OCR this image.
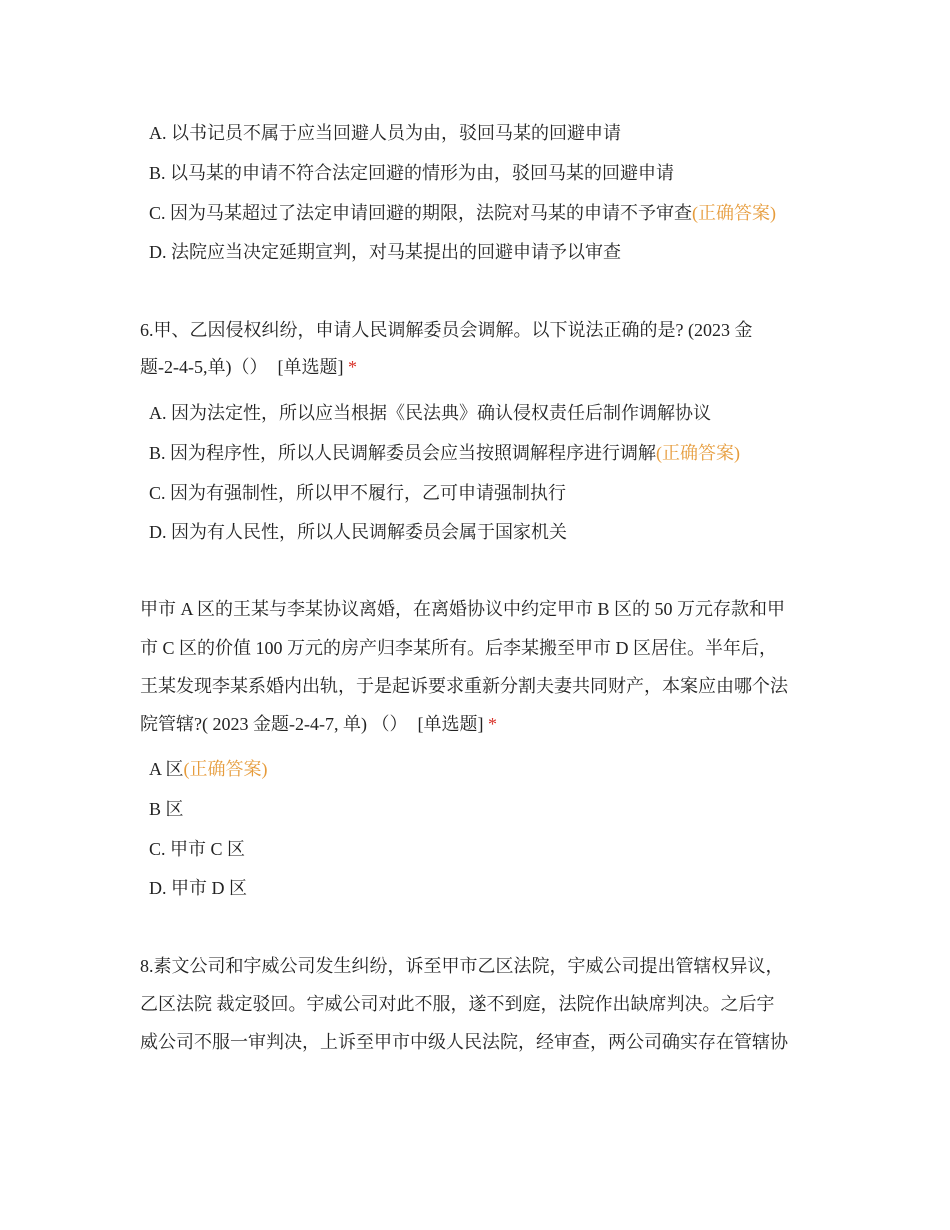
A. 以书记员不属于应当回避人员为由，驳回马某的回避申请
B. 以马某的申请不符合法定回避的情形为由，驳回马某的回避申请
C. 因为马某超过了法定申请回避的期限，法院对马某的申请不予审查(正确答案)
D. 法院应当决定延期宣判，对马某提出的回避申请予以审查
6.甲、乙因侵权纠纷，申请人民调解委员会调解。以下说法正确的是? (2023 金
题-2-4-5,单)（） [单选题] *
A. 因为法定性，所以应当根据《民法典》确认侵权责任后制作调解协议
B. 因为程序性，所以人民调解委员会应当按照调解程序进行调解(正确答案)
C. 因为有强制性，所以甲不履行，乙可申请强制执行
D. 因为有人民性，所以人民调解委员会属于国家机关
甲市 A 区的王某与李某协议离婚，在离婚协议中约定甲市 B 区的 50 万元存款和甲
市 C 区的价值 100 万元的房产归李某所有。后李某搬至甲市 D 区居住。半年后，
王某发现李某系婚内出轨，于是起诉要求重新分割夫妻共同财产，本案应由哪个法
院管辖?( 2023 金题-2-4-7, 单) （） [单选题] *
A 区(正确答案)
B 区
C. 甲市 C 区
D. 甲市 D 区
8.素文公司和宇威公司发生纠纷，诉至甲市乙区法院，宇威公司提出管辖权异议，
乙区法院 裁定驳回。宇威公司对此不服，遂不到庭，法院作出缺席判决。之后宇
威公司不服一审判决，上诉至甲市中级人民法院，经审查，两公司确实存在管辖协
